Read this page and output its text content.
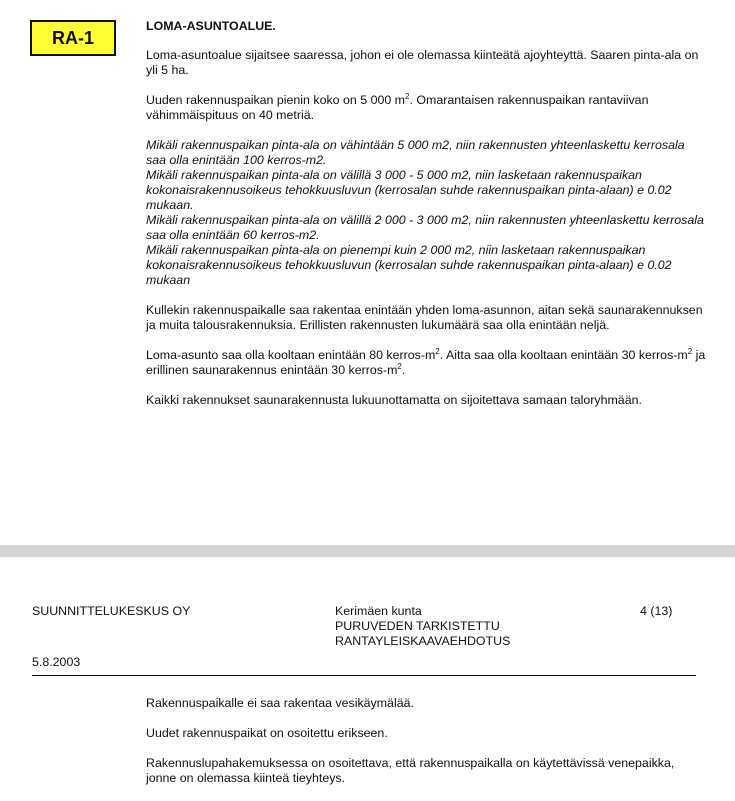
RA-1

LOMA-ASUNTOALUE.

Loma-asuntoalue sijaitsee saaressa, johon ei ole olemassa kiinteätä ajoyhteyttä. Saaren pinta-ala on yli 5 ha.

Uuden rakennuspaikan pienin koko on 5 000 $m^2$. Omarantaisen rakennuspaikan rantaviivan vähimmäispituus on 40 metriä.

Mikäli rakennuspaikan pinta-ala on vähintään 5 000 m2, niin rakennusten yhteenlaskettu kerrosala saa olla enintään 100 kerros-m2.
Mikäli rakennuspaikan pinta-ala on välillä 3 000 - 5 000 m2, niin lasketaan rakennuspaikan kokonaisrakennusoikeus tehokkuusluvun (kerrosalan suhde rakennuspaikan pinta-alaan) e 0.02 mukaan.
Mikäli rakennuspaikan pinta-ala on välillä 2 000 - 3 000 m2, niin rakennusten yhteenlaskettu kerrosala saa olla enintään 60 kerros-m2.
Mikäli rakennuspaikan pinta-ala on pienempi kuin 2 000 m2, niin lasketaan rakennuspaikan kokonaisrakennusoikeus tehokkuusluvun (kerrosalan suhde rakennuspaikan pinta-alaan) e 0.02 mukaan

Kullekin rakennuspaikalle saa rakentaa enintään yhden loma-asunnon, aitan sekä saunarakennuksen ja muita talousrakennuksia. Erillisten rakennusten lukumäärä saa olla enintään neljä.

Loma-asunto saa olla kooltaan enintään 80 kerros-$m^2$. Aitta saa olla kooltaan enintään 30 kerros-$m^2$ ja erillinen saunarakennus enintään 30 kerros-$m^2$.

Kaikki rakennukset saunarakennusta lukuunottamatta on sijoitettava samaan taloryhmään.

SUUNNITTELUKESKUS OY	Kerimäen kunta
PURUVEDEN TARKISTETTU
RANTAYLEISKAAVAEHDOTUS
4 (13)
5.8.2003

Rakennuspaikalle ei saa rakentaa vesikäymälää.

Uudet rakennuspaikat on osoitettu erikseen.

Rakennuslupahakemuksessa on osoitettava, että rakennuspaikalla on käytettävissä venepaikka, jonne on olemassa kiinteä tieyhteys.
